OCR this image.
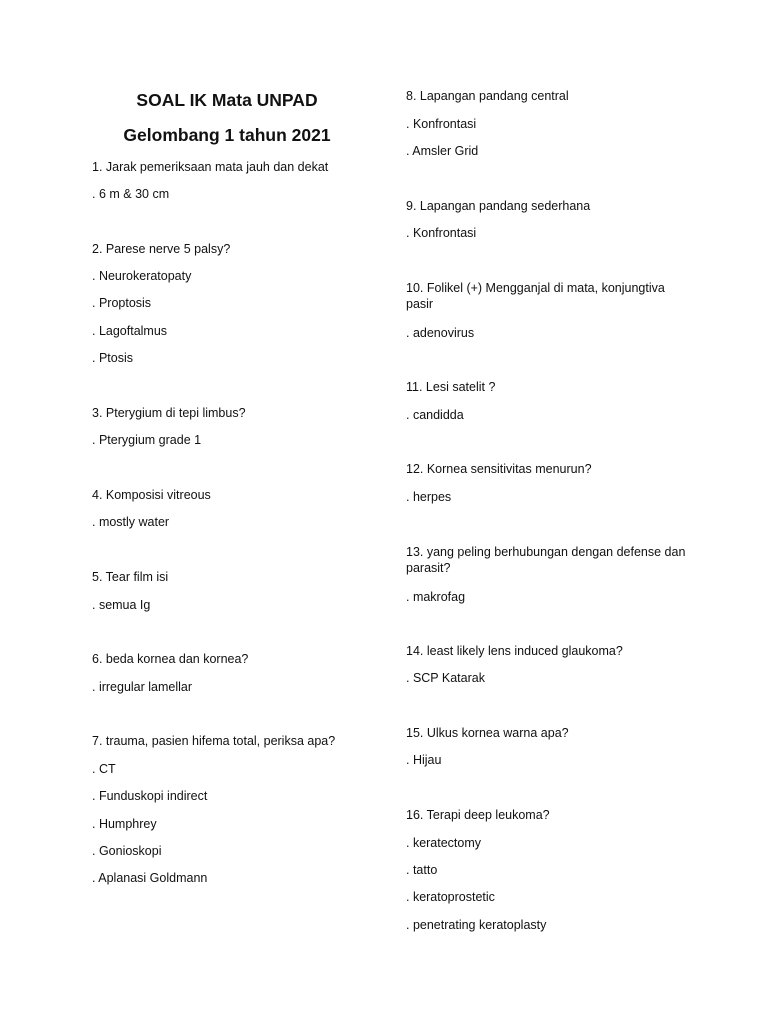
SOAL IK Mata UNPAD
Gelombang 1 tahun 2021
1. Jarak pemeriksaan mata jauh dan dekat
. 6 m & 30 cm
2. Parese nerve 5 palsy?
. Neurokeratopaty
. Proptosis
. Lagoftalmus
. Ptosis
3. Pterygium di tepi limbus?
. Pterygium grade 1
4. Komposisi vitreous
. mostly water
5. Tear film isi
. semua Ig
6. beda kornea dan kornea?
. irregular lamellar
7. trauma, pasien hifema total, periksa apa?
. CT
. Funduskopi indirect
. Humphrey
. Gonioskopi
. Aplanasi Goldmann
8. Lapangan pandang central
. Konfrontasi
. Amsler Grid
9. Lapangan pandang sederhana
. Konfrontasi
10. Folikel (+) Mengganjal di mata, konjungtiva pasir
. adenovirus
11. Lesi satelit ?
. candidda
12. Kornea sensitivitas menurun?
. herpes
13. yang peling berhubungan dengan defense dan parasit?
. makrofag
14. least likely lens induced glaukoma?
. SCP Katarak
15. Ulkus kornea warna apa?
. Hijau
16. Terapi deep leukoma?
. keratectomy
. tatto
. keratoprostetic
. penetrating keratoplasty
